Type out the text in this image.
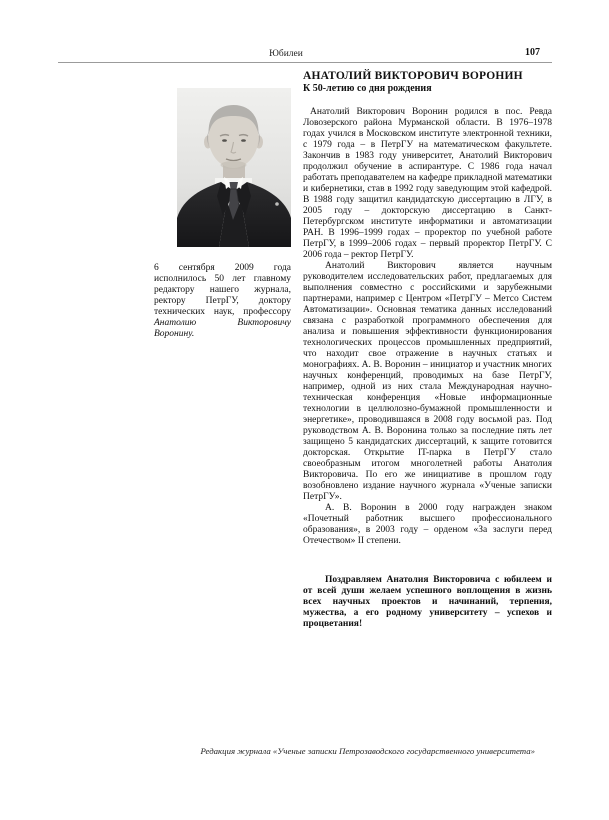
Юбилеи	107

6 сентября 2009 года исполнилось 50 лет главному редактору нашего журнала, ректору ПетрГУ, доктору технических наук, профессору Анатолию Викторовичу Воронину.

АНАТОЛИЙ ВИКТОРОВИЧ ВОРОНИН
К 50-летию со дня рождения

Анатолий Викторович Воронин родился в пос. Ревда Ловозерского района Мурманской области. В 1976–1978 годах учился в Московском институте электронной техники, с 1979 года – в ПетрГУ на математическом факультете. Закончив в 1983 году университет, Анатолий Викторович продолжил обучение в аспирантуре. С 1986 года начал работать преподавателем на кафедре прикладной математики и кибернетики, став в 1992 году заведующим этой кафедрой. В 1988 году защитил кандидатскую диссертацию в ЛГУ, в 2005 году – докторскую диссертацию в Санкт-Петербургском институте информатики и автоматизации РАН. В 1996–1999 годах – проректор по учебной работе ПетрГУ, в 1999–2006 годах – первый проректор ПетрГУ. С 2006 года – ректор ПетрГУ.

Анатолий Викторович является научным руководителем исследовательских работ, предлагаемых для выполнения совместно с российскими и зарубежными партнерами, например с Центром «ПетрГУ – Метсо Систем Автоматизации». Основная тематика данных исследований связана с разработкой программного обеспечения для анализа и повышения эффективности функционирования технологических процессов промышленных предприятий, что находит свое отражение в научных статьях и монографиях. А. В. Воронин – инициатор и участник многих научных конференций, проводимых на базе ПетрГУ, например, одной из них стала Международная научно-техническая конференция «Новые информационные технологии в целлюлозно-бумажной промышленности и энергетике», проводившаяся в 2008 году восьмой раз. Под руководством А. В. Воронина только за последние пять лет защищено 5 кандидатских диссертаций, к защите готовится докторская. Открытие IT-парка в ПетрГУ стало своеобразным итогом многолетней работы Анатолия Викторовича. По его же инициативе в прошлом году возобновлено издание научного журнала «Ученые записки ПетрГУ».

А. В. Воронин в 2000 году награжден знаком «Почетный работник высшего профессионального образования», в 2003 году – орденом «За заслуги перед Отечеством» II степени.

Поздравляем Анатолия Викторовича с юбилеем и от всей души желаем успешного воплощения в жизнь всех научных проектов и начинаний, терпения, мужества, а его родному университету – успехов и процветания!

Редакция журнала «Ученые записки Петрозаводского государственного университета»
